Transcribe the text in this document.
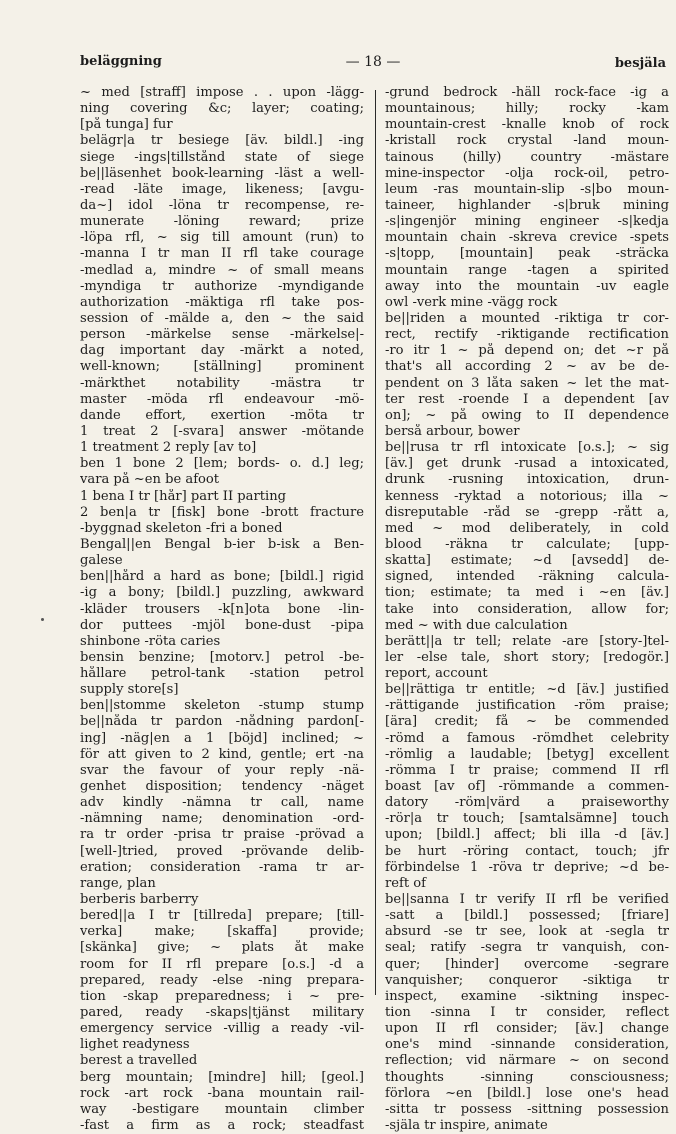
beläggning	— 18 —	besjäla
~ med [straff] impose . . upon -lägg-
ning covering &c; layer; coating;
[på tunga] fur
belägr|a tr besiege [äv. bildl.] -ing
siege -ings|tillstånd state of siege
be||läsenhet book-learning -läst a well-
-read -läte image, likeness; [avgu-
da~] idol -löna tr recompense, re-
munerate -löning reward; prize
-löpa rfl, ~ sig till amount (run) to
-manna I tr man II rfl take courage
-medlad a, mindre ~ of small means
-myndiga tr authorize -myndigande
authorization -mäktiga rfl take pos-
session of -mälde a, den ~ the said
person -märkelse sense -märkelse|-
dag important day -märkt a noted,
well-known; [ställning] prominent
-märkthet notability -mästra tr
master -möda rfl endeavour -mö-
dande effort, exertion -möta tr
1 treat 2 [-svara] answer -mötande
1 treatment 2 reply [av to]
ben 1 bone 2 [lem; bords- o. d.] leg;
vara på ~en be afoot
1 bena I tr [hår] part II parting
2 ben|a tr [fisk] bone -brott fracture
-byggnad skeleton -fri a boned
Bengal||en Bengal b-ier b-isk a Ben-
galese
ben||hård a hard as bone; [bildl.] rigid
-ig a bony; [bildl.] puzzling, awkward
-kläder trousers -k[n]ota bone -lin-
dor puttees -mjöl bone-dust -pipa
shinbone -röta caries
bensin benzine; [motorv.] petrol -be-
hållare petrol-tank -station petrol
supply store[s]
ben||stomme skeleton -stump stump
be||nåda tr pardon -nådning pardon[-
ing] -näg|en a 1 [böjd] inclined; ~
för att given to 2 kind, gentle; ert -na
svar the favour of your reply -nä-
genhet disposition; tendency -näget
adv kindly -nämna tr call, name
-nämning name; denomination -ord-
ra tr order -prisa tr praise -prövad a
[well-]tried, proved -prövande delib-
eration; consideration -rama tr ar-
range, plan
berberis barberry
bered||a I tr [tillreda] prepare; [till-
verka] make; [skaffa] provide;
[skänka] give; ~ plats åt make
room for II rfl prepare [o.s.] -d a
prepared, ready -else -ning prepara-
tion -skap preparedness; i ~ pre-
pared, ready -skaps|tjänst military
emergency service -villig a ready -vil-
lighet readyness
berest a travelled
berg mountain; [mindre] hill; [geol.]
rock -art rock -bana mountain rail-
way -bestigare mountain climber
-fast a firm as a rock; steadfast
-grund bedrock -häll rock-face -ig a
mountainous; hilly; rocky -kam
mountain-crest -knalle knob of rock
-kristall rock crystal -land moun-
tainous (hilly) country -mästare
mine-inspector -olja rock-oil, petro-
leum -ras mountain-slip -s|bo moun-
taineer, highlander -s|bruk mining
-s|ingenjör mining engineer -s|kedja
mountain chain -skreva crevice -spets
-s|topp, [mountain] peak -sträcka
mountain range -tagen a spirited
away into the mountain -uv eagle
owl -verk mine -vägg rock
be||riden a mounted -riktiga tr cor-
rect, rectify -riktigande rectification
-ro itr 1 ~ på depend on; det ~r på
that's all according 2 ~ av be de-
pendent on 3 låta saken ~ let the mat-
ter rest -roende I a dependent [av
on]; ~ på owing to II dependence
berså arbour, bower
be||rusa tr rfl intoxicate [o.s.]; ~ sig
[äv.] get drunk -rusad a intoxicated,
drunk -rusning intoxication, drun-
kenness -ryktad a notorious; illa ~
disreputable -råd se -grepp -rått a,
med ~ mod deliberately, in cold
blood -räkna tr calculate; [upp-
skatta] estimate; ~d [avsedd] de-
signed, intended -räkning calcula-
tion; estimate; ta med i ~en [äv.]
take into consideration, allow for;
med ~ with due calculation
berätt||a tr tell; relate -are [story-]tel-
ler -else tale, short story; [redogör.]
report, account
be||rättiga tr entitle; ~d [äv.] justified
-rättigande justification -röm praise;
[ära] credit; få ~ be commended
-römd a famous -römdhet celebrity
-römlig a laudable; [betyg] excellent
-römma I tr praise; commend II rfl
boast [av of] -römmande a commen-
datory -röm|värd a praiseworthy
-rör|a tr touch; [samtalsämne] touch
upon; [bildl.] affect; bli illa -d [äv.]
be hurt -röring contact, touch; jfr
förbindelse 1 -röva tr deprive; ~d be-
reft of
be||sanna I tr verify II rfl be verified
-satt a [bildl.] possessed; [friare]
absurd -se tr see, look at -segla tr
seal; ratify -segra tr vanquish, con-
quer; [hinder] overcome -segrare
vanquisher; conqueror -siktiga tr
inspect, examine -siktning inspec-
tion -sinna I tr consider, reflect
upon II rfl consider; [äv.] change
one's mind -sinnande consideration,
reflection; vid närmare ~ on second
thoughts -sinning consciousness;
förlora ~en [bildl.] lose one's head
-sitta tr possess -sittning possession
-själa tr inspire, animate
